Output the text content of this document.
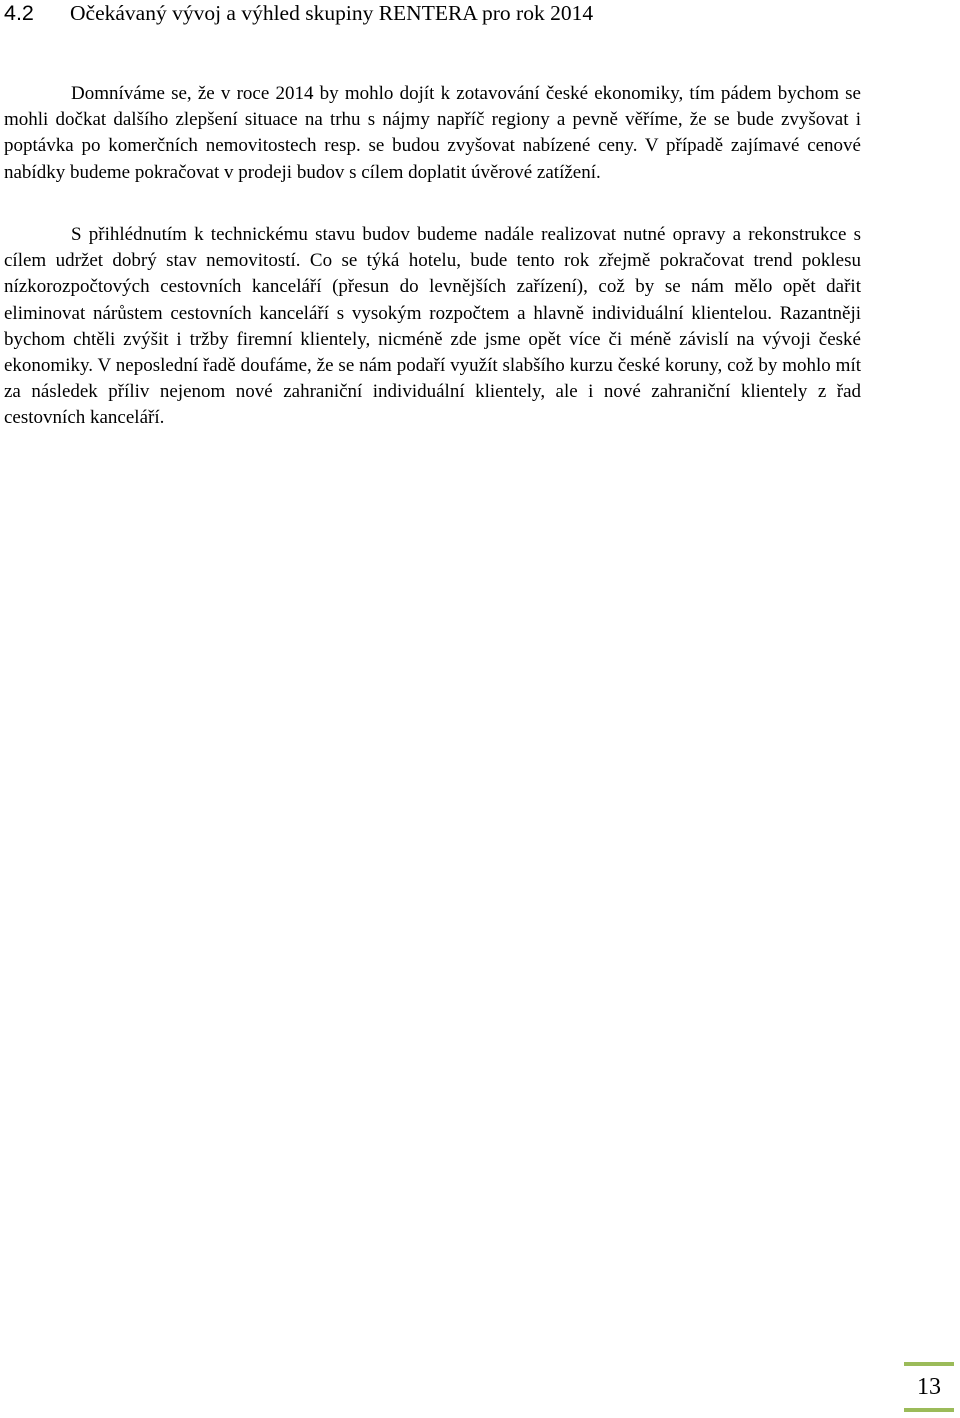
4.2 Očekávaný vývoj a výhled skupiny RENTERA pro rok 2014

Domníváme se, že v roce 2014 by mohlo dojít k zotavování české ekonomiky, tím pádem bychom se mohli dočkat dalšího zlepšení situace na trhu s nájmy napříč regiony a pevně věříme, že se bude zvyšovat i poptávka po komerčních nemovitostech resp. se budou zvyšovat nabízené ceny. V případě zajímavé cenové nabídky budeme pokračovat v prodeji budov s cílem doplatit úvěrové zatížení.

S přihlédnutím k technickému stavu budov budeme nadále realizovat nutné opravy a rekonstrukce s cílem udržet dobrý stav nemovitostí. Co se týká hotelu, bude tento rok zřejmě pokračovat trend poklesu nízkorozpočtových cestovních kanceláří (přesun do levnějších zařízení), což by se nám mělo opět dařit eliminovat nárůstem cestovních kanceláří s vysokým rozpočtem a hlavně individuální klientelou. Razantněji bychom chtěli zvýšit i tržby firemní klientely, nicméně zde jsme opět více či méně závislí na vývoji české ekonomiky. V neposlední řadě doufáme, že se nám podaří využít slabšího kurzu české koruny, což by mohlo mít za následek příliv nejenom nové zahraniční individuální klientely, ale i nové zahraniční klientely z řad cestovních kanceláří.

13
